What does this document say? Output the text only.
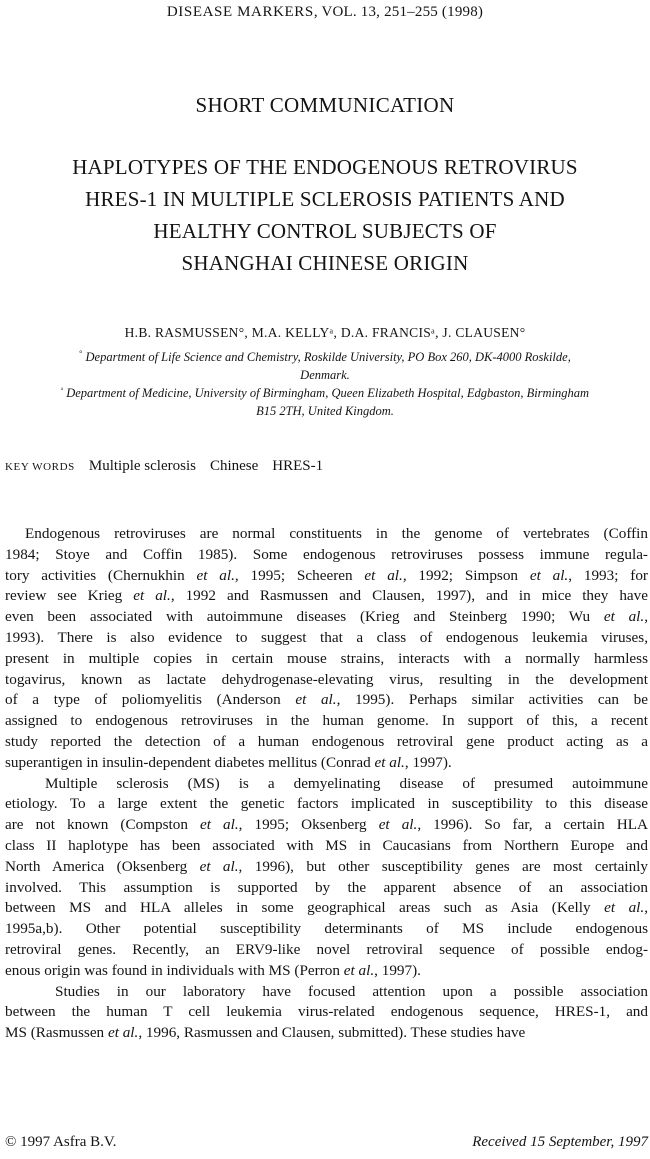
DISEASE MARKERS, VOL. 13, 251–255 (1998)
SHORT COMMUNICATION
HAPLOTYPES OF THE ENDOGENOUS RETROVIRUS
HRES-1 IN MULTIPLE SCLEROSIS PATIENTS AND
HEALTHY CONTROL SUBJECTS OF
SHANGHAI CHINESE ORIGIN
H.B. RASMUSSEN°, M.A. KELLYᵃ, D.A. FRANCISᵃ, J. CLAUSEN°
° Department of Life Science and Chemistry, Roskilde University, PO Box 260, DK-4000 Roskilde,
Denmark.
$^ᵃ$ Department of Medicine, University of Birmingham, Queen Elizabeth Hospital, Edgbaston, Birmingham
B15 2TH, United Kingdom.
KEY WORDS Multiple sclerosis Chinese HRES-1
Endogenous retroviruses are normal constituents in the genome of vertebrates (Coffin
1984; Stoye and Coffin 1985). Some endogenous retroviruses possess immune regula-
tory activities (Chernukhin et al., 1995; Scheeren et al., 1992; Simpson et al., 1993; for
review see Krieg et al., 1992 and Rasmussen and Clausen, 1997), and in mice they have
even been associated with autoimmune diseases (Krieg and Steinberg 1990; Wu et al.,
1993). There is also evidence to suggest that a class of endogenous leukemia viruses,
present in multiple copies in certain mouse strains, interacts with a normally harmless
togavirus, known as lactate dehydrogenase-elevating virus, resulting in the development
of a type of poliomyelitis (Anderson et al., 1995). Perhaps similar activities can be
assigned to endogenous retroviruses in the human genome. In support of this, a recent
study reported the detection of a human endogenous retroviral gene product acting as a
superantigen in insulin-dependent diabetes mellitus (Conrad et al., 1997).
Multiple sclerosis (MS) is a demyelinating disease of presumed autoimmune
etiology. To a large extent the genetic factors implicated in susceptibility to this disease
are not known (Compston et al., 1995; Oksenberg et al., 1996). So far, a certain HLA
class II haplotype has been associated with MS in Caucasians from Northern Europe and
North America (Oksenberg et al., 1996), but other susceptibility genes are most certainly
involved. This assumption is supported by the apparent absence of an association
between MS and HLA alleles in some geographical areas such as Asia (Kelly et al.,
1995a,b). Other potential susceptibility determinants of MS include endogenous
retroviral genes. Recently, an ERV9-like novel retroviral sequence of possible endog-
enous origin was found in individuals with MS (Perron et al., 1997).
Studies in our laboratory have focused attention upon a possible association
between the human T cell leukemia virus-related endogenous sequence, HRES-1, and
MS (Rasmussen et al., 1996, Rasmussen and Clausen, submitted). These studies have
© 1997 Asfra B.V.	Received 15 September, 1997
